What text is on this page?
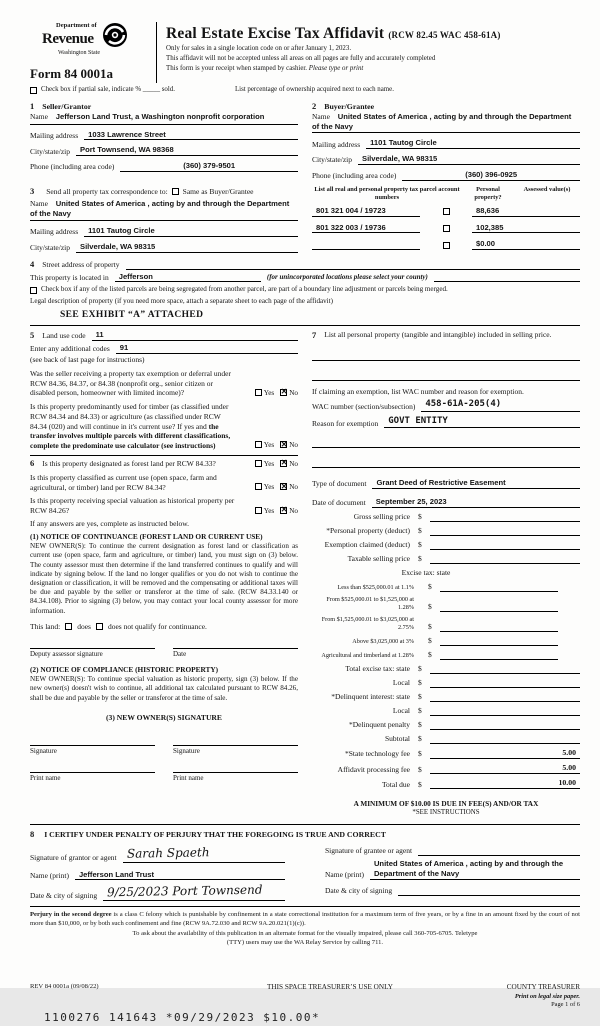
Department of
Revenue
Washington State
Form 84 0001a
Real Estate Excise Tax Affidavit (RCW 82.45 WAC 458-61A)
Only for sales in a single location code on or after January 1, 2023.
This affidavit will not be accepted unless all areas on all pages are fully and accurately completed
This form is your receipt when stamped by cashier. Please type or print
Check box if partial sale, indicate % _____ sold.	List percentage of ownership acquired next to each name.
1 Seller/Grantor
Name Jefferson Land Trust, a Washington nonprofit corporation
Mailing address	1033 Lawrence Street
City/state/zip	Port Townsend, WA 98368
Phone (including area code)	(360) 379-9501
2 Buyer/Grantee
Name United States of America , acting by and through the Department of the Navy
Mailing address	1101 Tautog Circle
City/state/zip	Silverdale, WA 98315
Phone (including area code)	(360) 396-0925
3 Send all property tax correspondence to: Same as Buyer/Grantee
Name United States of America , acting by and through the Department of the Navy
Mailing address	1101 Tautog Circle
City/state/zip	Silverdale, WA 98315
List all real and personal property tax parcel account numbers
Personal property?
Assessed value(s)
801 321 004 / 19723	88,636
801 322 003 / 19736	102,385
$0.00
4 Street address of property
This property is located in	Jefferson	(for unincorporated locations please select your county)
Check box if any of the listed parcels are being segregated from another parcel, are part of a boundary line adjustment or parcels being merged.
Legal description of property (if you need more space, attach a separate sheet to each page of the affidavit)
SEE EXHIBIT “A” ATTACHED
5 Land use code	11
Enter any additional codes	91
(see back of last page for instructions)
Was the seller receiving a property tax exemption or deferral under RCW 84.36, 84.37, or 84.38 (nonprofit org., senior citizen or disabled person, homeowner with limited income)?	Yes ✕ No
Is this property predominantly used for timber (as classified under RCW 84.34 and 84.33) or agriculture (as classified under RCW 84.34 (020) and will continue in it's current use? If yes and the transfer involves multiple parcels with different classifications, complete the predominate use calculator (see instructions)	Yes ✕ No
6 Is this property designated as forest land per RCW 84.33?	Yes ✕ No
Is this property classified as current use (open space, farm and agricultural, or timber) land per RCW 84.34?	Yes ✕ No
Is this property receiving special valuation as historical property per RCW 84.26?	Yes ✕ No
If any answers are yes, complete as instructed below.
(1) NOTICE OF CONTINUANCE (FOREST LAND OR CURRENT USE)
NEW OWNER(S): To continue the current designation as forest land or classification as current use (open space, farm and agriculture, or timber) land, you must sign on (3) below. The county assessor must then determine if the land transferred continues to qualify and will indicate by signing below. If the land no longer qualifies or you do not wish to continue the designation or classification, it will be removed and the compensating or additional taxes will be due and payable by the seller or transferor at the time of sale. (RCW 84.33.140 or 84.34.108). Prior to signing (3) below, you may contact your local county assessor for more information.
This land: does does not qualify for continuance.
Deputy assessor signature	Date
(2) NOTICE OF COMPLIANCE (HISTORIC PROPERTY)
NEW OWNER(S): To continue special valuation as historic property, sign (3) below. If the new owner(s) doesn't wish to continue, all additional tax calculated pursuant to RCW 84.26, shall be due and payable by the seller or transferor at the time of sale.
(3) NEW OWNER(S) SIGNATURE
Signature	Signature
Print name	Print name
7 List all personal property (tangible and intangible) included in selling price.
If claiming an exemption, list WAC number and reason for exemption.
WAC number (section/subsection)	458-61A-205(4)
Reason for exemption	GOVT ENTITY
Type of document	Grant Deed of Restrictive Easement
Date of document	September 25, 2023
Gross selling price	$
*Personal property (deduct)	$
Exemption claimed (deduct)	$
Taxable selling price	$
Excise tax: state
Less than $525,000.01 at 1.1%	$
From $525,000.01 to $1,525,000 at 1.28%	$
From $1,525,000.01 to $3,025,000 at 2.75%	$
Above $3,025,000 at 3%	$
Agricultural and timberland at 1.28%	$
Total excise tax: state	$
Local	$
*Delinquent interest: state	$
Local	$
*Delinquent penalty	$
Subtotal	$
*State technology fee	$	5.00
Affidavit processing fee	$	5.00
Total due	$	10.00
A MINIMUM OF $10.00 IS DUE IN FEE(S) AND/OR TAX
*SEE INSTRUCTIONS
8 I CERTIFY UNDER PENALTY OF PERJURY THAT THE FOREGOING IS TRUE AND CORRECT
Signature of grantor or agent Sarah Spaeth
Name (print)	Jefferson Land Trust
Date & city of signing 9/25/2023 Port Townsend
Signature of grantee or agent
Name (print)
United States of America , acting by and through the Department of the Navy
Date & city of signing
Perjury in the second degree is a class C felony which is punishable by confinement in a state correctional institution for a maximum term of five years, or by a fine in an amount fixed by the court of not more than $10,000, or by both such confinement and fine (RCW 9A.72.030 and RCW 9A.20.021(1)(c)).
To ask about the availability of this publication in an alternate format for the visually impaired, please call 360-705-6705. Teletype
(TTY) users may use the WA Relay Service by calling 711.
REV 84 0001a (09/08/22)	THIS SPACE TREASURER’S USE ONLY	COUNTY TREASURER
Print on legal size paper.
Page 1 of 6
1100276 141643 *09/29/2023 $10.00*
